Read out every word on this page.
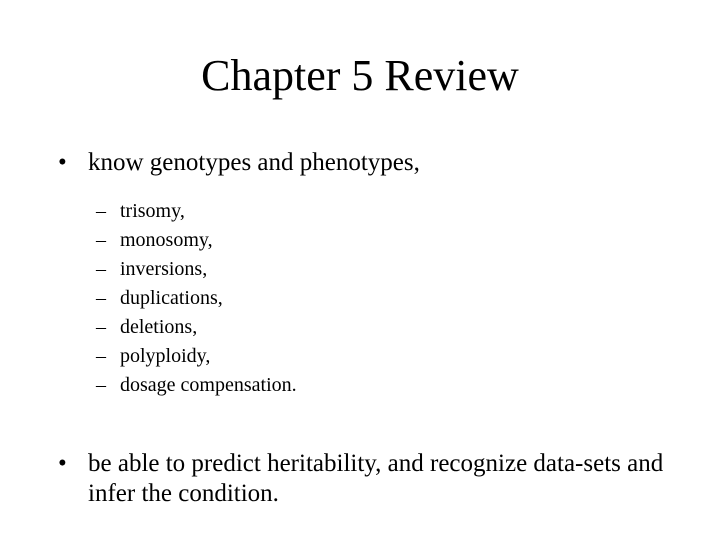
Chapter 5 Review
• know genotypes and phenotypes,
– trisomy,
– monosomy,
– inversions,
– duplications,
– deletions,
– polyploidy,
– dosage compensation.
• be able to predict heritability, and recognize data-sets and infer the condition.
